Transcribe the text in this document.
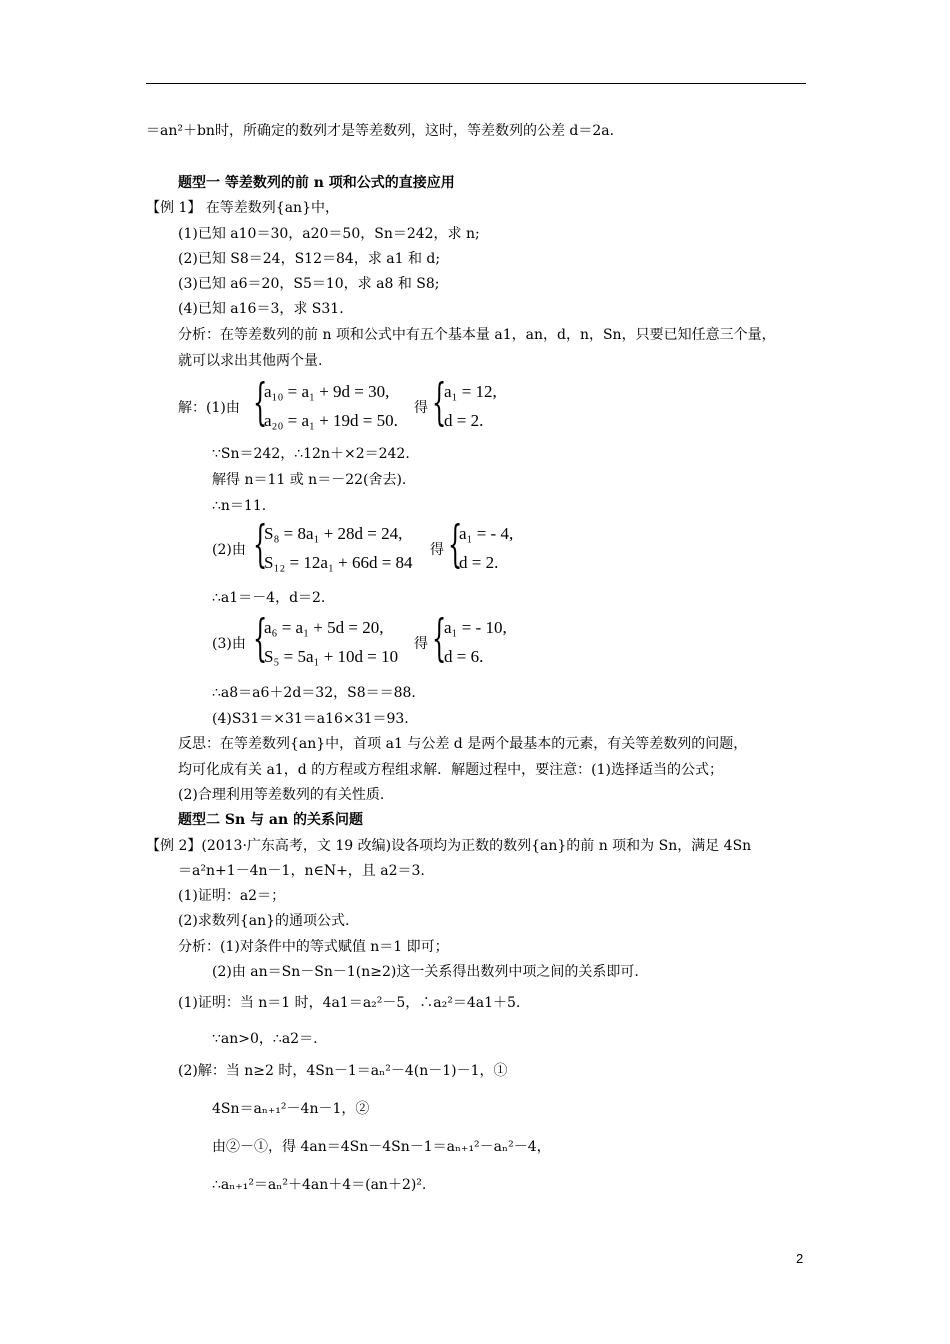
＝an²＋bn时，所确定的数列才是等差数列，这时，等差数列的公差 d＝2a.
题型一 等差数列的前 n 项和公式的直接应用
【例 1】 在等差数列{an}中，
(1)已知 a10＝30，a20＝50，Sn＝242，求 n;
(2)已知 S8＝24，S12＝84，求 a1 和 d;
(3)已知 a6＝20，S5＝10，求 a8 和 S8;
(4)已知 a16＝3，求 S31.
分析：在等差数列的前 n 项和公式中有五个基本量 a1，an，d，n，Sn，只要已知任意三个量，
就可以求出其他两个量.
解：(1)由 {
a₁₀ = a₁ + 9d = 30,
a₂₀ = a₁ + 19d = 50.
得 {
a₁ = 12,
d = 2.
∵Sn＝242，∴12n＋×2＝242.
解得 n＝11 或 n＝－22(舍去).
∴n＝11.
(2)由 {
S₈ = 8a₁ + 28d = 24,
S₁₂ = 12a₁ + 66d = 84
得 {
a₁ = - 4,
d = 2.
∴a1＝－4，d＝2.
(3)由 {
a₆ = a₁ + 5d = 20,
S₅ = 5a₁ + 10d = 10
得 {
a₁ = - 10,
d = 6.
∴a8＝a6＋2d＝32，S8＝＝88.
(4)S31＝×31＝a16×31＝93.
反思：在等差数列{an}中，首项 a1 与公差 d 是两个最基本的元素，有关等差数列的问题，
均可化成有关 a1，d 的方程或方程组求解．解题过程中，要注意：(1)选择适当的公式；
(2)合理利用等差数列的有关性质.
题型二 Sn 与 an 的关系问题
【例 2】(2013·广东高考，文 19 改编)设各项均为正数的数列{an}的前 n 项和为 Sn，满足 4Sn
＝a²n+1－4n－1，n∈N+，且 a2＝3.
(1)证明：a2＝；
(2)求数列{an}的通项公式.
分析：(1)对条件中的等式赋值 n＝1 即可；
(2)由 an＝Sn－Sn－1(n≥2)这一关系得出数列中项之间的关系即可.
(1)证明：当 n＝1 时，4a1＝a₂²－5，∴a₂²＝4a1＋5.
∵an>0，∴a2＝.
(2)解：当 n≥2 时，4Sn－1＝aₙ²－4(n－1)－1，①
4Sn＝aₙ₊₁²－4n－1，②
由②－①，得 4an＝4Sn－4Sn－1＝aₙ₊₁²－aₙ²－4，
∴aₙ₊₁²＝aₙ²＋4an＋4＝(an＋2)².
2
